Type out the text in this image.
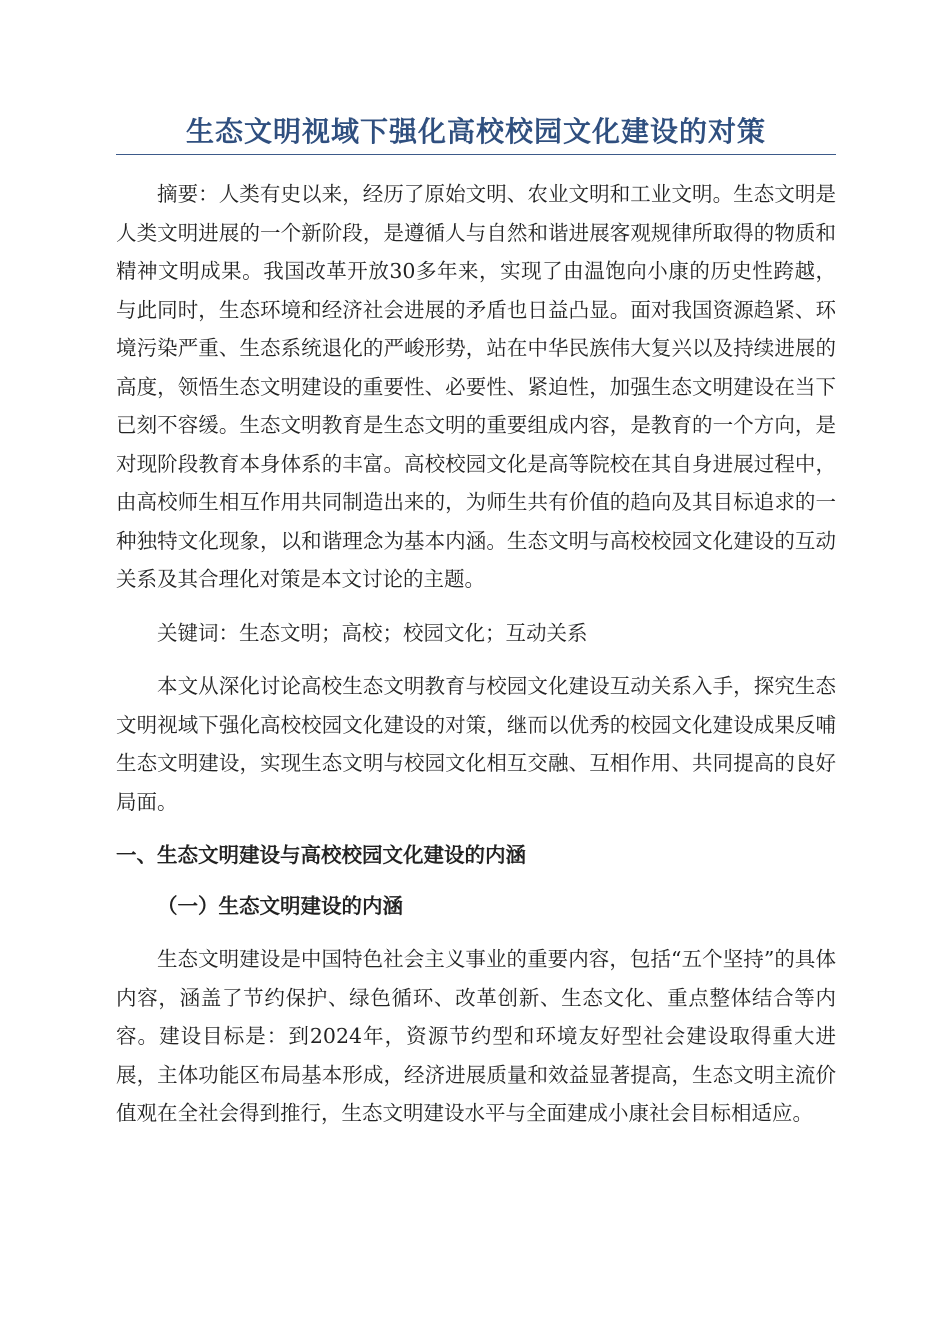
生态文明视域下强化高校校园文化建设的对策

摘要：人类有史以来，经历了原始文明、农业文明和工业文明。生态文明是人类文明进展的一个新阶段，是遵循人与自然和谐进展客观规律所取得的物质和精神文明成果。我国改革开放30多年来，实现了由温饱向小康的历史性跨越，与此同时，生态环境和经济社会进展的矛盾也日益凸显。面对我国资源趋紧、环境污染严重、生态系统退化的严峻形势，站在中华民族伟大复兴以及持续进展的高度，领悟生态文明建设的重要性、必要性、紧迫性，加强生态文明建设在当下已刻不容缓。生态文明教育是生态文明的重要组成内容，是教育的一个方向，是对现阶段教育本身体系的丰富。高校校园文化是高等院校在其自身进展过程中，由高校师生相互作用共同制造出来的，为师生共有价值的趋向及其目标追求的一种独特文化现象，以和谐理念为基本内涵。生态文明与高校校园文化建设的互动关系及其合理化对策是本文讨论的主题。

关键词：生态文明；高校；校园文化；互动关系

本文从深化讨论高校生态文明教育与校园文化建设互动关系入手，探究生态文明视域下强化高校校园文化建设的对策，继而以优秀的校园文化建设成果反哺生态文明建设，实现生态文明与校园文化相互交融、互相作用、共同提高的良好局面。

一、生态文明建设与高校校园文化建设的内涵
（一）生态文明建设的内涵

生态文明建设是中国特色社会主义事业的重要内容，包括“五个坚持”的具体内容，涵盖了节约保护、绿色循环、改革创新、生态文化、重点整体结合等内容。建设目标是：到2024年，资源节约型和环境友好型社会建设取得重大进展，主体功能区布局基本形成，经济进展质量和效益显著提高，生态文明主流价值观在全社会得到推行，生态文明建设水平与全面建成小康社会目标相适应。
